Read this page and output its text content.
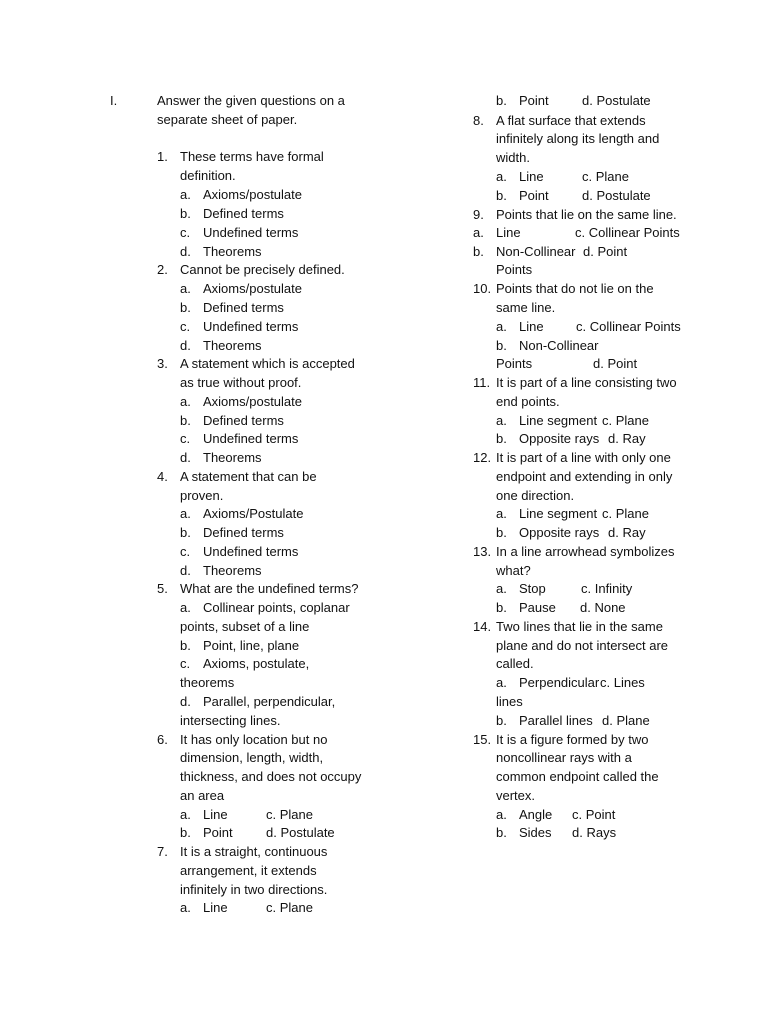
I.	Answer the given questions on a
separate sheet of paper.
1.
a.
b.
c.
d.
2.
a.
b.
c.
d.
3.
a.
b.
c.
d.
4.
a.
b.
c.
d.
5.
a.
b.
c.
d.
6.
a.
b.
7.
a.
b.
8.
a.
b.
9.
a.
b.
10.
a.
b.
11.
a.
b.
12.
a.
b.
13.
a.
b.
14.
a.
b.
15.
a.
b.
These terms have formal
definition.
Axioms/postulate
Defined terms
Undefined terms
Theorems
Cannot be precisely defined.
Axioms/postulate
Defined terms
Undefined terms
Theorems
A statement which is accepted
as true without proof.
Axioms/postulate
Defined terms
Undefined terms
Theorems
A statement that can be
proven.
Axioms/Postulate
Defined terms
Undefined terms
Theorems
What are the undefined terms?
Collinear points, coplanar
points, subset of a line
Point, line, plane
Axioms, postulate,
theorems
Parallel, perpendicular,
intersecting lines.
It has only location but no
dimension, length, width,
thickness, and does not occupy
an area
Line
Point
It is a straight, continuous
arrangement, it extends
infinitely in two directions.
Line
Point
A flat surface that extends
infinitely along its length and
width.
Line
Point
Points that lie on the same line.
Line
Non-Collinear
Points
Points that do not lie on the
same line.
Line
Non-Collinear
Points
It is part of a line consisting two
end points.
Line segment
Opposite rays
It is part of a line with only one
endpoint and extending in only
one direction.
Line segment
Opposite rays
In a line arrowhead symbolizes
what?
Stop
Pause
Two lines that lie in the same
plane and do not intersect are
called.
Perpendicular
lines
Parallel lines
It is a figure formed by two
noncollinear rays with a
common endpoint called the
vertex.
Angle
Sides
c. Plane
d. Postulate
c. Plane
d. Postulate
c. Plane
d. Postulate
c. Collinear Points
d. Point
c. Collinear Points
d. Point
c. Plane
d. Ray
c. Plane
d. Ray
c. Infinity
d. None
c. Lines
d. Plane
c. Point
d. Rays
